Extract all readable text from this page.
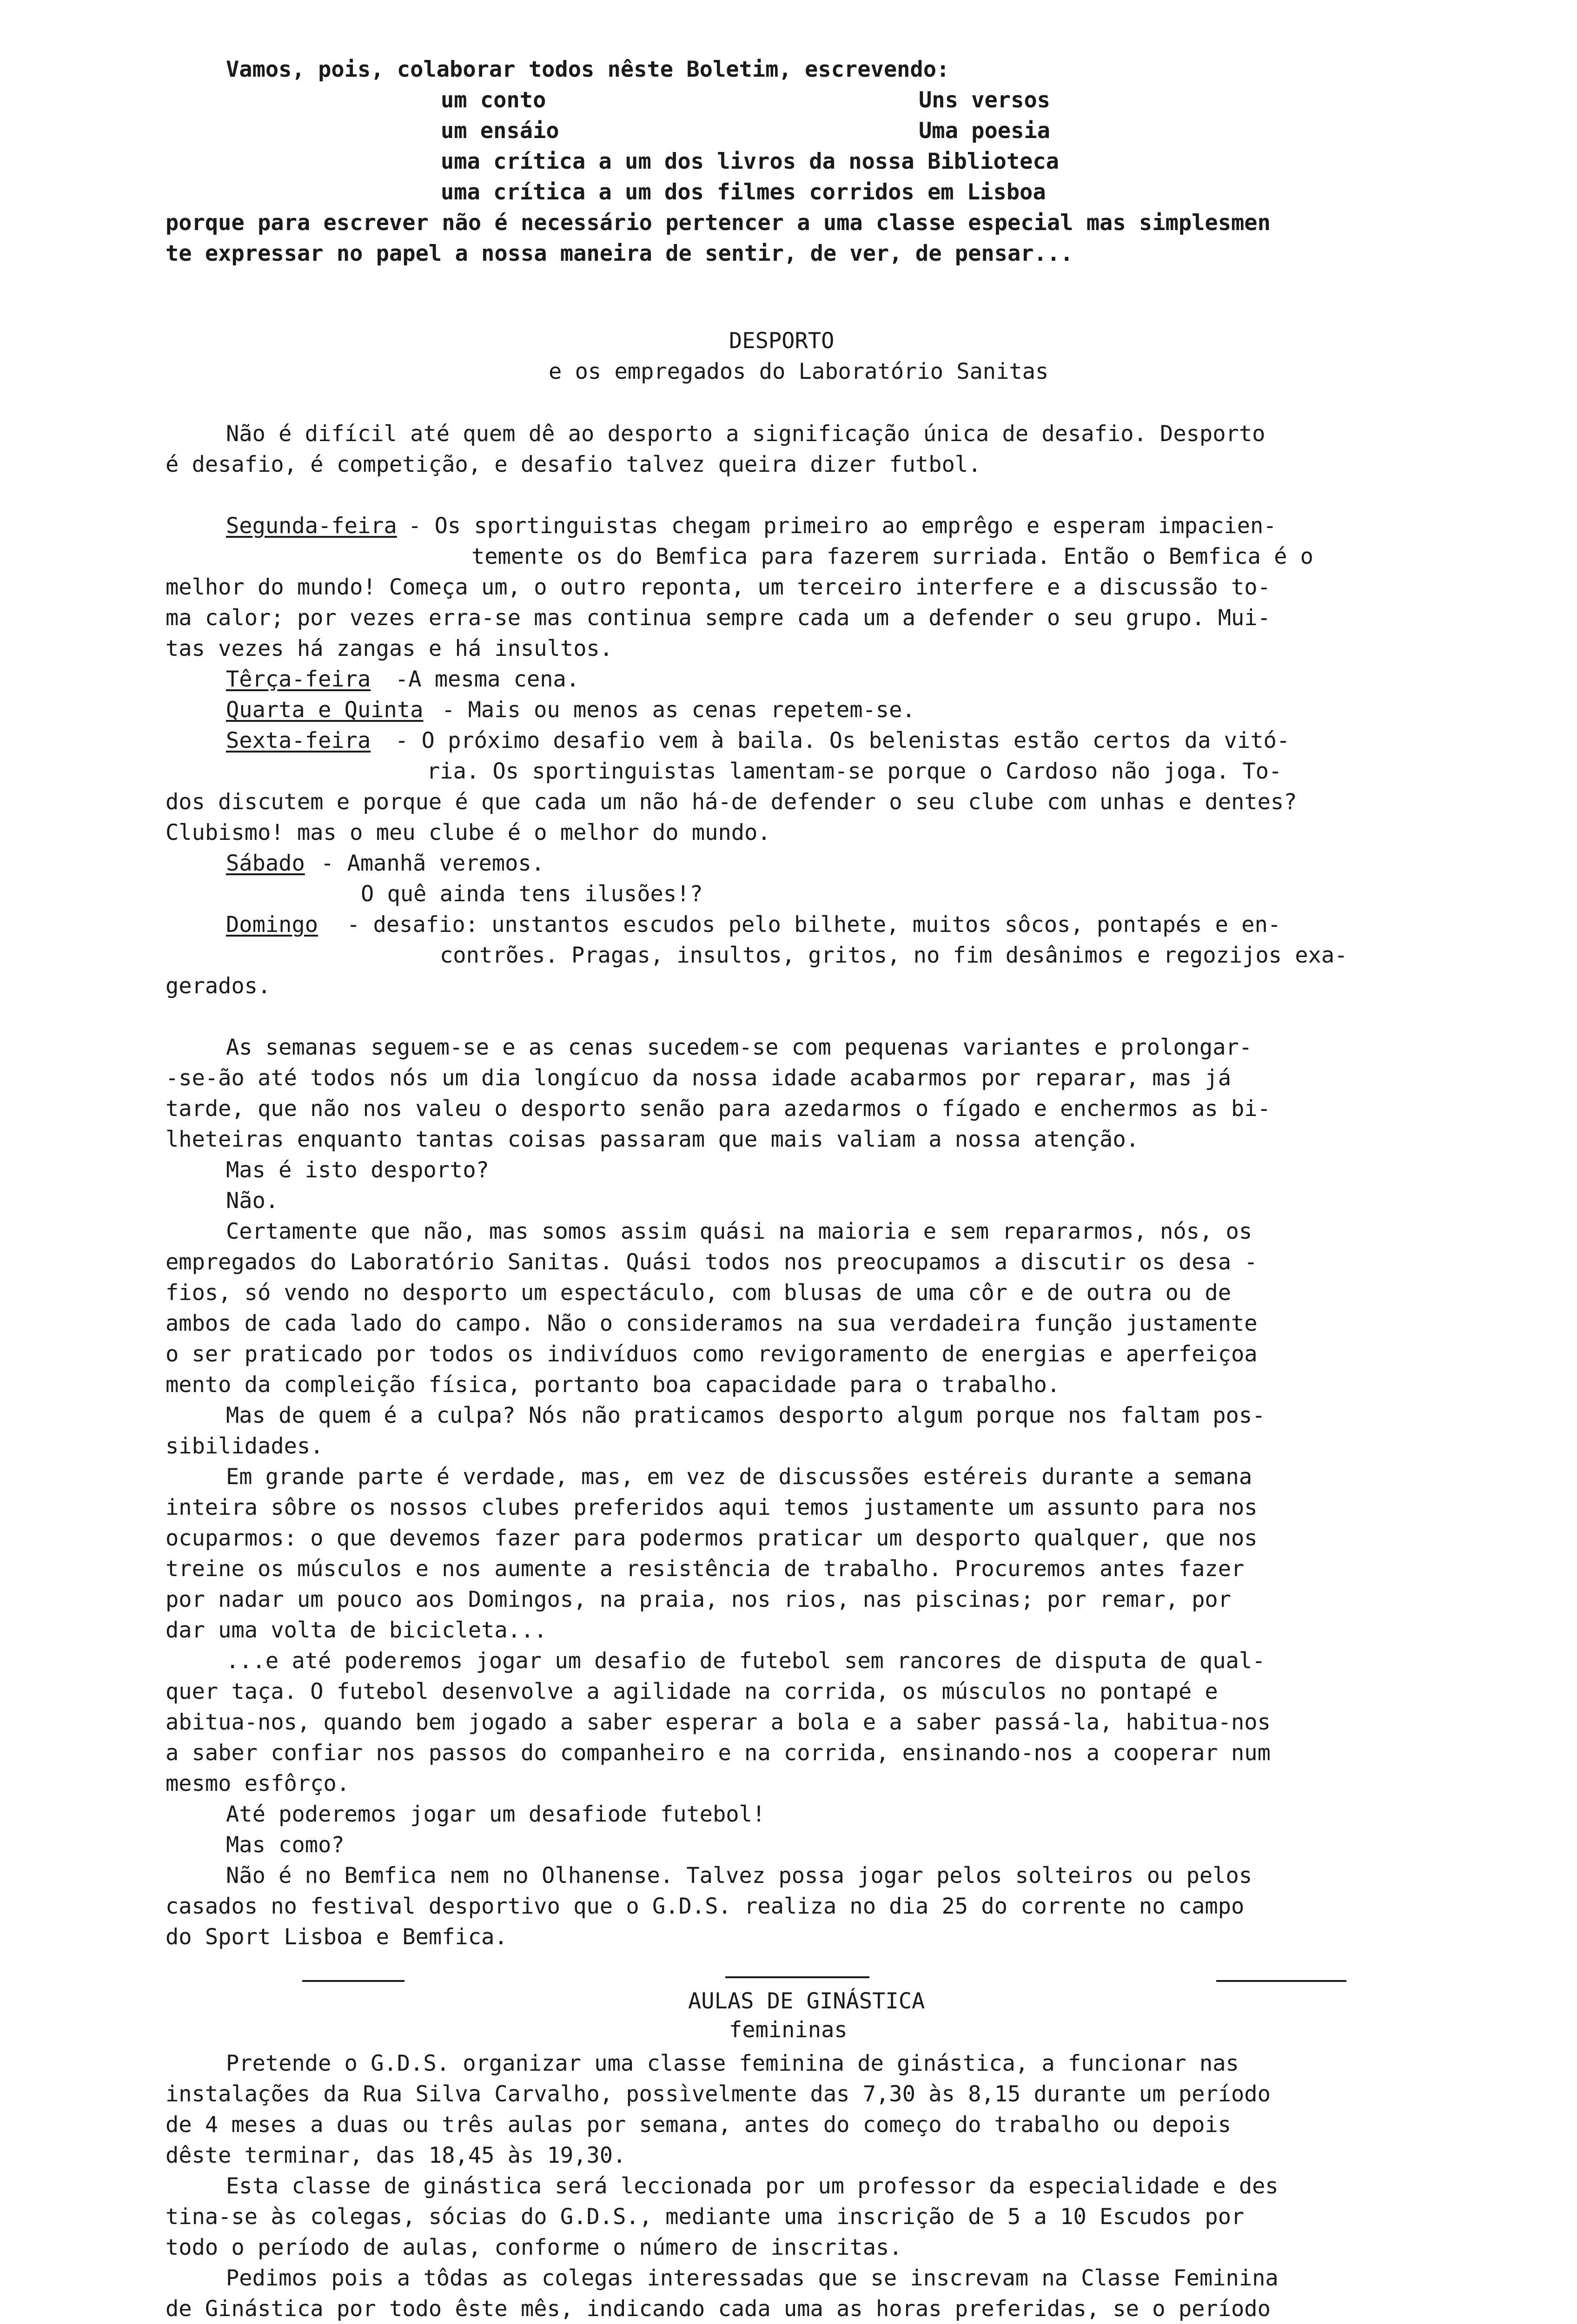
Vamos, pois, colaborar todos nêste Boletim, escrevendo:
um conto	Uns versos
um ensáio	Uma poesia
uma crítica a um dos livros da nossa Biblioteca
uma crítica a um dos filmes corridos em Lisboa
porque para escrever não é necessário pertencer a uma classe especial mas simplesmen
te expressar no papel a nossa maneira de sentir, de ver, de pensar...
DESPORTO
e os empregados do Laboratório Sanitas
Não é difícil até quem dê ao desporto a significação única de desafio. Desporto
é desafio, é competição, e desafio talvez queira dizer futbol.
Segunda-feira - Os sportinguistas chegam primeiro ao emprêgo e esperam impacien-
tementе os do Bemfica para fazerem surriada. Então o Bemfica é o
melhor do mundo! Começa um, o outro reponta, um terceiro interfere e a discussão to-
ma calor; por vezes erra-se mas continua sempre cada um a defender o seu grupo. Mui-
tas vezes há zangas e há insultos.
Têrça-feira -A mesma cena.
Quarta e Quinta - Mais ou menos as cenas repetem-se.
Sexta-feira - O próximo desafio vem à baila. Os belenistas estão certos da vitó-
ria. Os sportinguistas lamentam-se porque o Cardoso não joga. To-
dos discutem e porque é que cada um não há-de defender o seu clube com unhas e dentes?
Clubismo! mas o meu clube é o melhor do mundo.
Sábado - Amanhã veremos.
O quê ainda tens ilusões!?
Domingo - desafio: unstantos escudos pelo bilhete, muitos sôcos, pontapés e en-
contrões. Pragas, insultos, gritos, no fim desânimos e regozijos exa-
gerados.
As semanas seguem-se e as cenas sucedem-se com pequenas variantes e prolongar-
-se-ão até todos nós um dia longícuo da nossa idade acabarmos por reparar, mas já
tarde, que não nos valeu o desporto senão para azedarmos o fígado e enchermos as bi-
lheteiras enquanto tantas coisas passaram que mais valiam a nossa atenção.
Mas é isto desporto?
Não.
Certamente que não, mas somos assim quási na maioria e sem repararmos, nós, os
empregados do Laboratório Sanitas. Quási todos nos preocupamos a discutir os desa -
fios, só vendo no desporto um espectáculo, com blusas de uma côr e de outra ou de
ambos de cada lado do campo. Não o consideramos na sua verdadeira função justamente
o ser praticado por todos os indivíduos como revigoramento de energias e aperfeiçoa
mento da compleição física, portanto boa capacidade para o trabalho.
Mas de quem é a culpa? Nós não praticamos desporto algum porque nos faltam pos-
sibilidades.
Em grande parte é verdade, mas, em vez de discussões estéreis durante a semana
inteira sôbre os nossos clubes preferidos aqui temos justamente um assunto para nos
ocuparmos: o que devemos fazer para podermos praticar um desporto qualquer, que nos
treine os músculos e nos aumente a resistência de trabalho. Procuremos antes fazer
por nadar um pouco aos Domingos, na praia, nos rios, nas piscinas; por remar, por
dar uma volta de bicicleta...
...e até poderemos jogar um desafio de futebol sem rancores de disputa de qual-
quer taça. O futebol desenvolve a agilidade na corrida, os músculos no pontapé e
abitua-nos, quando bem jogado a saber esperar a bola e a saber passá-la, habitua-nos
a saber confiar nos passos do companheiro e na corrida, ensinando-nos a cooperar num
mesmo esfôrço.
Até poderemos jogar um desafiode futebol!
Mas como?
Não é no Bemfica nem no Olhanense. Talvez possa jogar pelos solteiros ou pelos
casados no festival desportivo que o G.D.S. realiza no dia 25 do corrente no campo
do Sport Lisboa e Bemfica.
AULAS DE GINÁSTICA
femininas
Pretende o G.D.S. organizar uma classe feminina de ginástica, a funcionar nas
instalações da Rua Silva Carvalho, possìvelmente das 7,30 às 8,15 durante um período
de 4 meses a duas ou três aulas por semana, antes do começo do trabalho ou depois
dêste terminar, das 18,45 às 19,30.
Esta classe de ginástica será leccionada por um professor da especialidade e des
tina-se às colegas, sócias do G.D.S., mediante uma inscrição de 5 a 10 Escudos por
todo o período de aulas, conforme o número de inscritas.
Pedimos pois a tôdas as colegas interessadas que se inscrevam na Classe Feminina
de Ginástica por todo êste mês, indicando cada uma as horas preferidas, se o período
